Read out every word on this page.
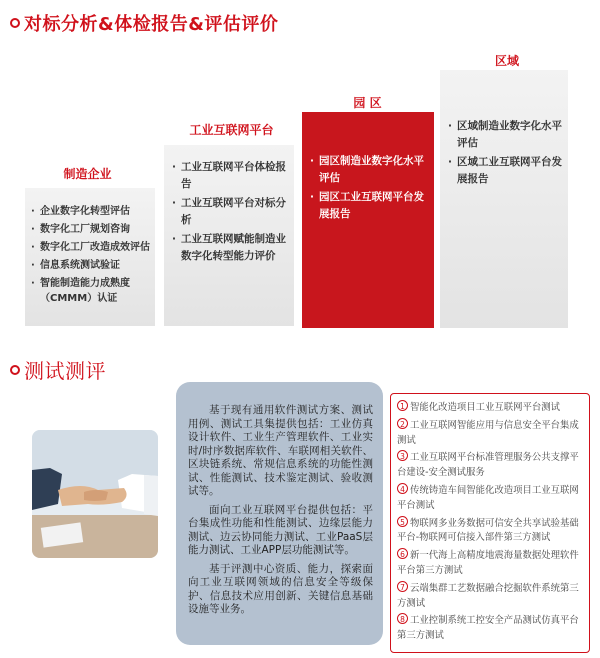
对标分析&体检报告&评估评价
制造企业
· 企业数字化转型评估
· 数字化工厂规划咨询
· 数字化工厂改造成效评估
· 信息系统测试验证
· 智能制造能力成熟度（CMMM）认证
工业互联网平台
· 工业互联网平台体检报告
· 工业互联网平台对标分析
· 工业互联网赋能制造业数字化转型能力评价
园 区
· 园区制造业数字化水平评估
· 园区工业互联网平台发展报告
区域
· 区域制造业数字化水平评估
· 区域工业互联网平台发展报告
测试测评

基于现有通用软件测试方案、测试用例、测试工具集提供包括：工业仿真设计软件、工业生产管理软件、工业实时/时序数据库软件、车联网相关软件、区块链系统、常规信息系统的功能性测试、性能测试、技术鉴定测试、验收测试等。

面向工业互联网平台提供包括：平台集成性功能和性能测试、边缘层能力测试、边云协同能力测试、工业PaaS层能力测试、工业APP层功能测试等。

基于评测中心资质、能力，探索面向工业互联网领域的信息安全等级保护、信息技术应用创新、关键信息基础设施等业务。

1 智能化改造项目工业互联网平台测试
2 工业互联网智能应用与信息安全平台集成测试
3 工业互联网平台标准管理服务公共支撑平台建设-安全测试服务
4 传统铸造车间智能化改造项目工业互联网平台测试
5 物联网多业务数据可信安全共享试验基础平台-物联网可信接入部件第三方测试
6 新一代海上高精度地震海量数据处理软件平台第三方测试
7 云端集群工艺数据融合挖掘软件系统第三方测试
8 工业控制系统工控安全产品测试仿真平台第三方测试
